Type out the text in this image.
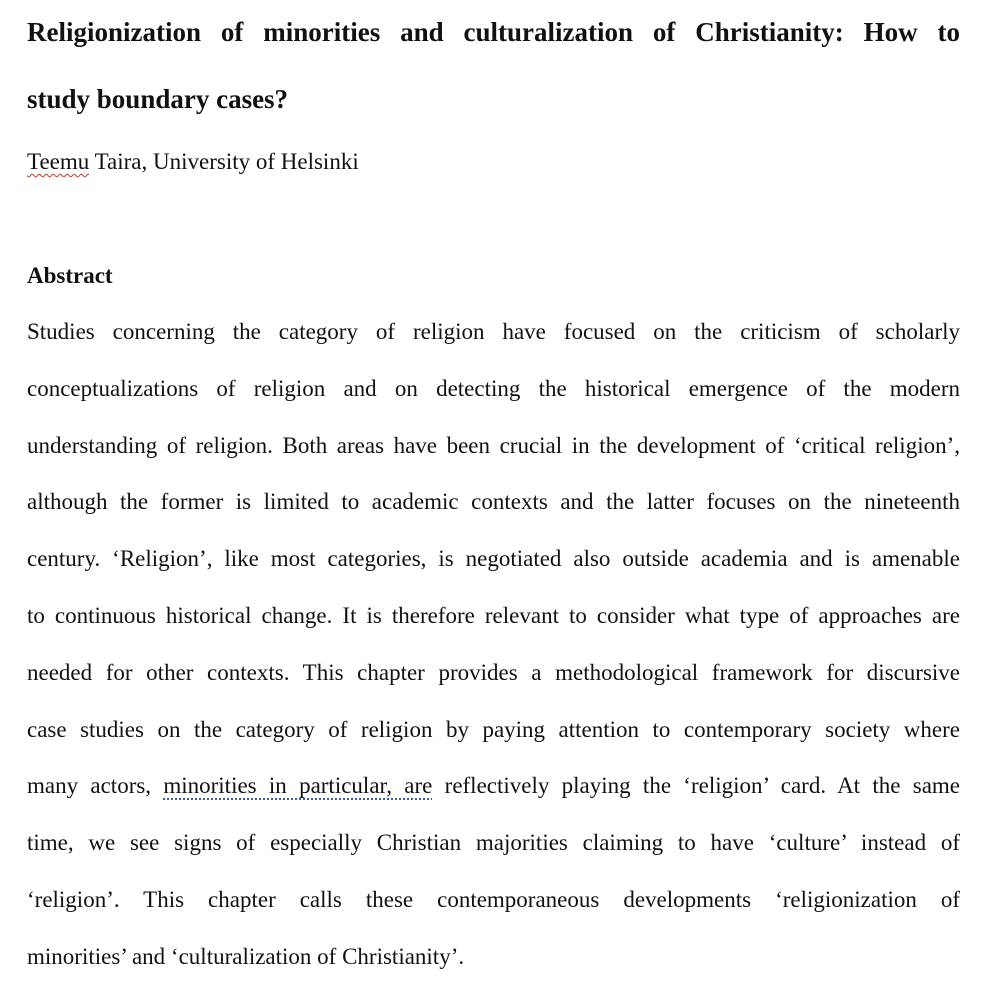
Religionization of minorities and culturalization of Christianity: How to
study boundary cases?
Teemu Taira, University of Helsinki
Abstract
Studies concerning the category of religion have focused on the criticism of scholarly
conceptualizations of religion and on detecting the historical emergence of the modern
understanding of religion. Both areas have been crucial in the development of ‘critical religion’,
although the former is limited to academic contexts and the latter focuses on the nineteenth
century. ‘Religion’, like most categories, is negotiated also outside academia and is amenable
to continuous historical change. It is therefore relevant to consider what type of approaches are
needed for other contexts. This chapter provides a methodological framework for discursive
case studies on the category of religion by paying attention to contemporary society where
many actors, minorities in particular, are reflectively playing the ‘religion’ card. At the same
time, we see signs of especially Christian majorities claiming to have ‘culture’ instead of
‘religion’. This chapter calls these contemporaneous developments ‘religionization of
minorities’ and ‘culturalization of Christianity’.
